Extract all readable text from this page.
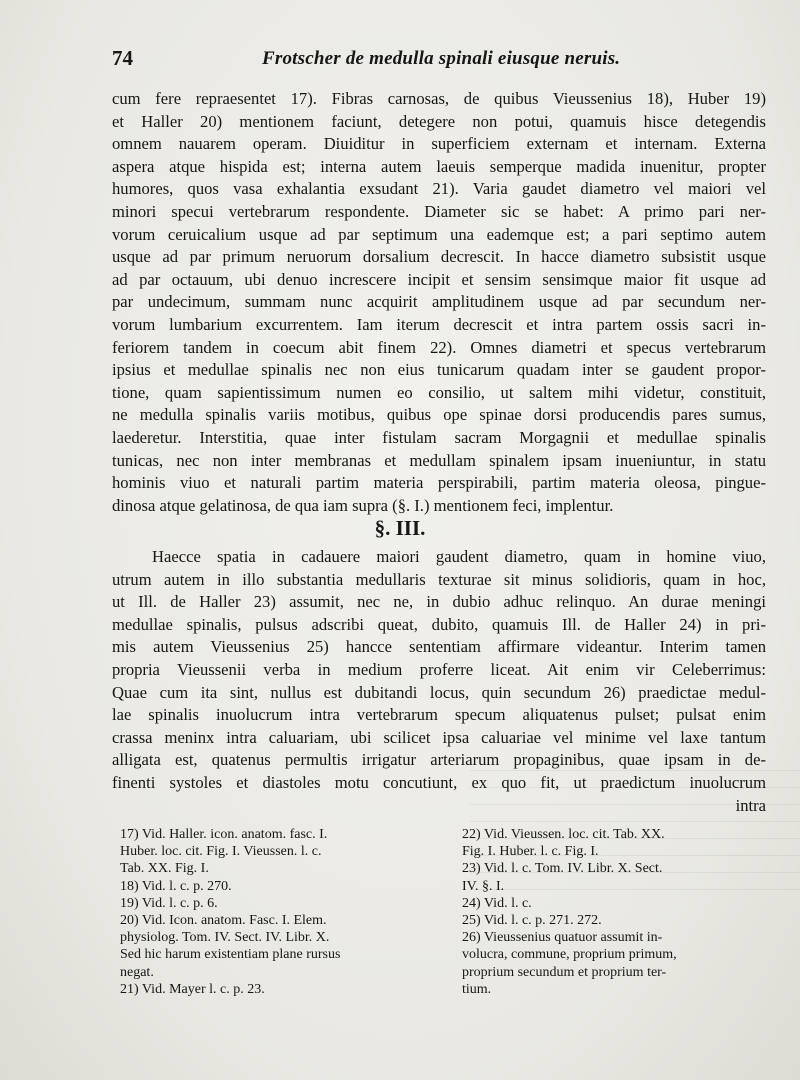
74	Frotscher de medulla spinali eiusque neruis.
cum fere repraesentet 17). Fibras carnosas, de quibus Vieussenius 18), Huber 19)
et Haller 20) mentionem faciunt, detegere non potui, quamuis hisce detegendis
omnem nauarem operam. Diuiditur in superficiem externam et internam. Externa
aspera atque hispida est; interna autem laeuis semperque madida inuenitur, propter
humores, quos vasa exhalantia exsudant 21). Varia gaudet diametro vel maiori vel
minori specui vertebrarum respondente. Diameter sic se habet: A primo pari ner-
vorum ceruicalium usque ad par septimum una eademque est; a pari septimo autem
usque ad par primum neruorum dorsalium decrescit. In hacce diametro subsistit usque
ad par octauum, ubi denuo increscere incipit et sensim sensimque maior fit usque ad
par undecimum, summam nunc acquirit amplitudinem usque ad par secundum ner-
vorum lumbarium excurrentem. Iam iterum decrescit et intra partem ossis sacri in-
feriorem tandem in coecum abit finem 22). Omnes diametri et specus vertebrarum
ipsius et medullae spinalis nec non eius tunicarum quadam inter se gaudent propor-
tione, quam sapientissimum numen eo consilio, ut saltem mihi videtur, constituit,
ne medulla spinalis variis motibus, quibus ope spinae dorsi producendis pares sumus,
laederetur. Interstitia, quae inter fistulam sacram Morgagnii et medullae spinalis
tunicas, nec non inter membranas et medullam spinalem ipsam inueniuntur, in statu
hominis viuo et naturali partim materia perspirabili, partim materia oleosa, pingue-
dinosa atque gelatinosa, de qua iam supra (§. I.) mentionem feci, implentur.
§. III.
Haecce spatia in cadauere maiori gaudent diametro, quam in homine viuo,
utrum autem in illo substantia medullaris texturae sit minus solidioris, quam in hoc,
ut Ill. de Haller 23) assumit, nec ne, in dubio adhuc relinquo. An durae meningi
medullae spinalis, pulsus adscribi queat, dubito, quamuis Ill. de Haller 24) in pri-
mis autem Vieussenius 25) hancce sententiam affirmare videantur. Interim tamen
propria Vieussenii verba in medium proferre liceat. Ait enim vir Celeberrimus:
Quae cum ita sint, nullus est dubitandi locus, quin secundum 26) praedictae medul-
lae spinalis inuolucrum intra vertebrarum specum aliquatenus pulset; pulsat enim
crassa meninx intra caluariam, ubi scilicet ipsa caluariae vel minime vel laxe tantum
alligata est, quatenus permultis irrigatur arteriarum propaginibus, quae ipsam in de-
finenti systoles et diastoles motu concutiunt, ex quo fit, ut praedictum inuolucrum
intra
17) Vid. Haller. icon. anatom. fasc. I.
Huber. loc. cit. Fig. I. Vieussen. l. c.
Tab. XX. Fig. I.
18) Vid. l. c. p. 270.
19) Vid. l. c. p. 6.
20) Vid. Icon. anatom. Fasc. I. Elem.
physiolog. Tom. IV. Sect. IV. Libr. X.
Sed hic harum existentiam plane rursus
negat.
21) Vid. Mayer l. c. p. 23.
22) Vid. Vieussen. loc. cit. Tab. XX.
Fig. I. Huber. l. c. Fig. I.
23) Vid. l. c. Tom. IV. Libr. X. Sect.
IV. §. I.
24) Vid. l. c.
25) Vid. l. c. p. 271. 272.
26) Vieussenius quatuor assumit in-
volucra, commune, proprium primum,
proprium secundum et proprium ter-
tium.
